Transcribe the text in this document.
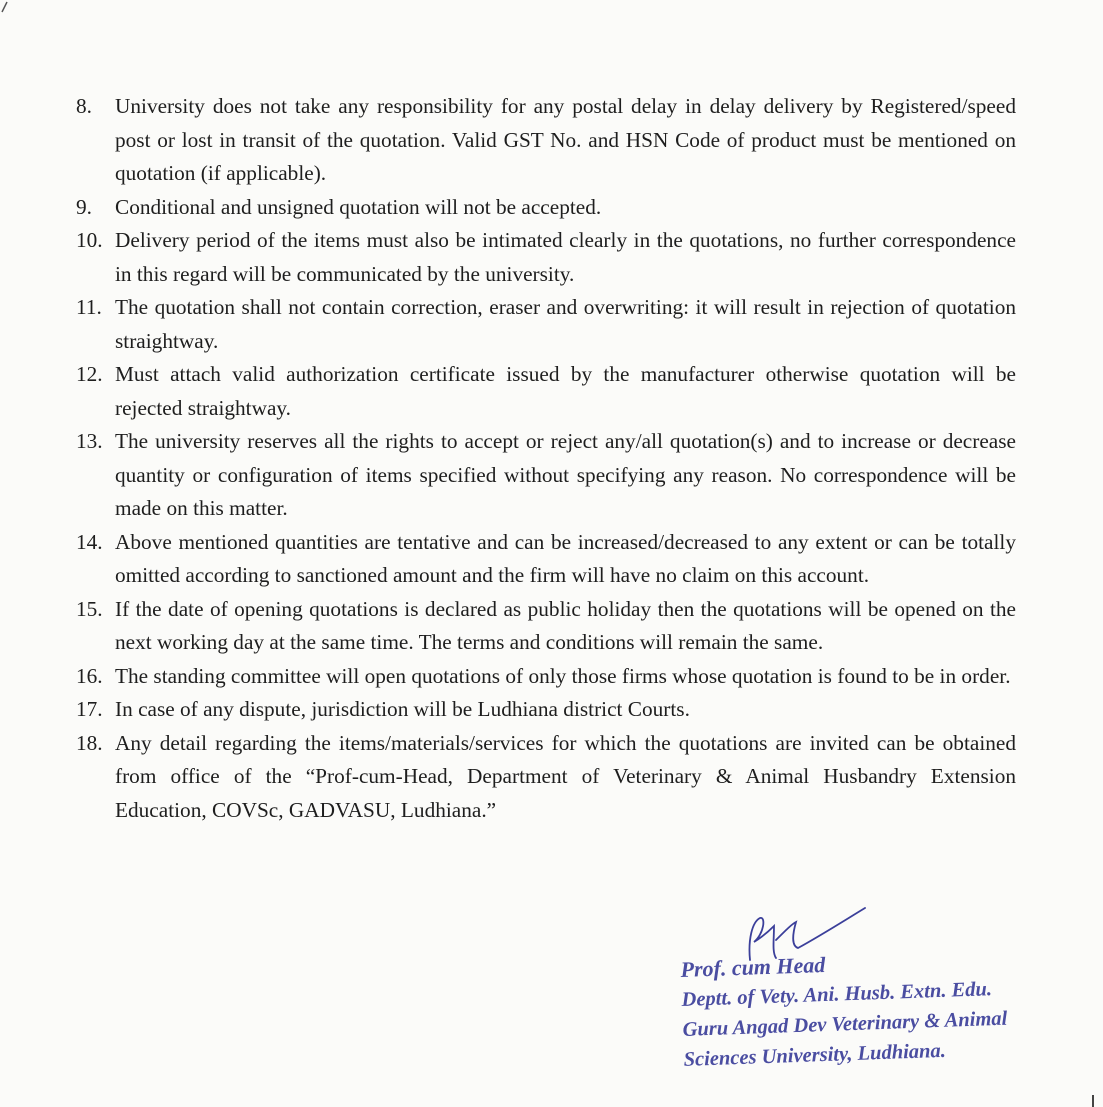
8.	University does not take any responsibility for any postal delay in delay delivery by Registered/speed post or lost in transit of the quotation. Valid GST No. and HSN Code of product must be mentioned on quotation (if applicable).
9.	Conditional and unsigned quotation will not be accepted.
10. Delivery period of the items must also be intimated clearly in the quotations, no further correspondence in this regard will be communicated by the university.
11. The quotation shall not contain correction, eraser and overwriting: it will result in rejection of quotation straightway.
12. Must attach valid authorization certificate issued by the manufacturer otherwise quotation will be rejected straightway.
13. The university reserves all the rights to accept or reject any/all quotation(s) and to increase or decrease quantity or configuration of items specified without specifying any reason. No correspondence will be made on this matter.
14. Above mentioned quantities are tentative and can be increased/decreased to any extent or can be totally omitted according to sanctioned amount and the firm will have no claim on this account.
15. If the date of opening quotations is declared as public holiday then the quotations will be opened on the next working day at the same time. The terms and conditions will remain the same.
16. The standing committee will open quotations of only those firms whose quotation is found to be in order.
17. In case of any dispute, jurisdiction will be Ludhiana district Courts.
18. Any detail regarding the items/materials/services for which the quotations are invited can be obtained from office of the “Prof-cum-Head, Department of Veterinary & Animal Husbandry Extension Education, COVSc, GADVASU, Ludhiana.”
Prof. cum Head
Deptt. of Vety. Ani. Husb. Extn. Edu.
Guru Angad Dev Veterinary & Animal
Sciences University, Ludhiana.
